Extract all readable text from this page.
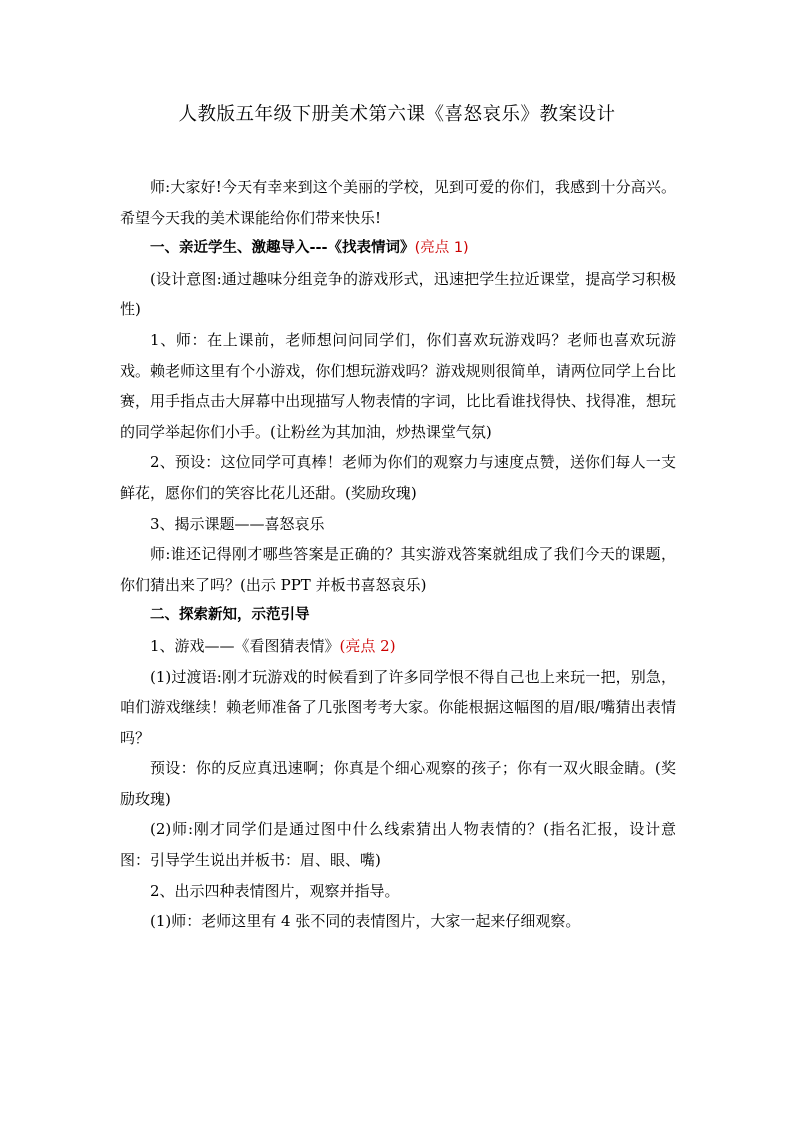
人教版五年级下册美术第六课《喜怒哀乐》教案设计

师:大家好!今天有幸来到这个美丽的学校，见到可爱的你们，我感到十分高兴。希望今天我的美术课能给你们带来快乐!

一、亲近学生、激趣导入---《找表情词》(亮点 1)

(设计意图:通过趣味分组竞争的游戏形式，迅速把学生拉近课堂，提高学习积极性)

1、师：在上课前，老师想问问同学们，你们喜欢玩游戏吗？老师也喜欢玩游戏。赖老师这里有个小游戏，你们想玩游戏吗？游戏规则很简单，请两位同学上台比赛，用手指点击大屏幕中出现描写人物表情的字词，比比看谁找得快、找得准，想玩的同学举起你们小手。(让粉丝为其加油，炒热课堂气氛)

2、预设：这位同学可真棒！老师为你们的观察力与速度点赞，送你们每人一支鲜花，愿你们的笑容比花儿还甜。(奖励玫瑰)

3、揭示课题——喜怒哀乐

师:谁还记得刚才哪些答案是正确的？其实游戏答案就组成了我们今天的课题，你们猜出来了吗？(出示 PPT 并板书喜怒哀乐)

二、探索新知，示范引导

1、游戏——《看图猜表情》(亮点 2)

(1)过渡语:刚才玩游戏的时候看到了许多同学恨不得自己也上来玩一把，别急，咱们游戏继续！赖老师准备了几张图考考大家。你能根据这幅图的眉/眼/嘴猜出表情吗？

预设：你的反应真迅速啊；你真是个细心观察的孩子；你有一双火眼金睛。(奖励玫瑰)

(2)师:刚才同学们是通过图中什么线索猜出人物表情的？(指名汇报，设计意图：引导学生说出并板书：眉、眼、嘴)

2、出示四种表情图片，观察并指导。

(1)师：老师这里有 4 张不同的表情图片，大家一起来仔细观察。
